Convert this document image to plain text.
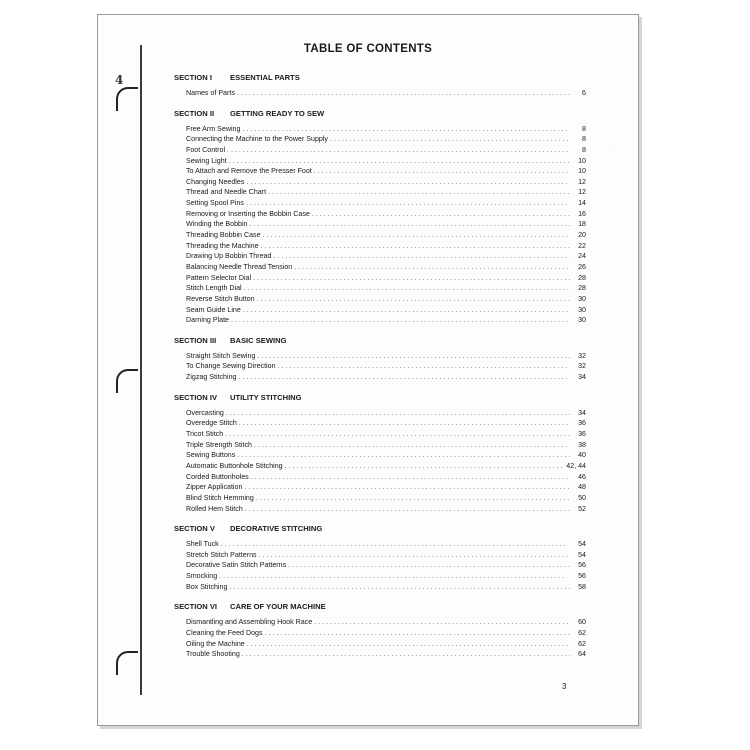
4
·
TABLE OF CONTENTS
SECTION I ESSENTIAL PARTS
Names of Parts . . .	6
SECTION II GETTING READY TO SEW
Free Arm Sewing . . .	8
Connecting the Machine to the Power Supply . . .	8
Foot Control . . .	8
Sewing Light . . .	10
To Attach and Remove the Presser Foot . . .	10
Changing Needles . . .	12
Thread and Needle Chart . . .	12
Setting Spool Pins . . .	14
Removing or Inserting the Bobbin Case . . .	16
Winding the Bobbin . . .	18
Threading Bobbin Case . . .	20
Threading the Machine . . .	22
Drawing Up Bobbin Thread . . .	24
Balancing Needle Thread Tension . . .	26
Pattern Selector Dial . . .	28
Stitch Length Dial . . .	28
Reverse Stitch Button . . .	30
Seam Guide Line . . .	30
Darning Plate . . .	30
SECTION III BASIC SEWING
Straight Stitch Sewing . . .	32
To Change Sewing Direction . . .	32
Zigzag Stitching . . .	34
SECTION IV UTILITY STITCHING
Overcasting . . .	34
Overedge Stitch . . .	36
Tricot Stitch . . .	36
Triple Strength Stitch . . .	38
Sewing Buttons . . .	40
Automatic Buttonhole Stitching . . .	42, 44
Corded Buttonholes . . .	46
Zipper Application . . .	48
Blind Stitch Hemming . . .	50
Rolled Hem Stitch . . .	52
SECTION V DECORATIVE STITCHING
Shell Tuck . . .	54
Stretch Stitch Patterns . . .	54
Decorative Satin Stitch Patterns . . .	56
Smocking . . .	56
Box Stitching . . .	58
SECTION VI CARE OF YOUR MACHINE
Dismantling and Assembling Hook Race . . .	60
Cleaning the Feed Dogs . . .	62
Oiling the Machine . . .	62
Trouble Shooting . . .	64
3
